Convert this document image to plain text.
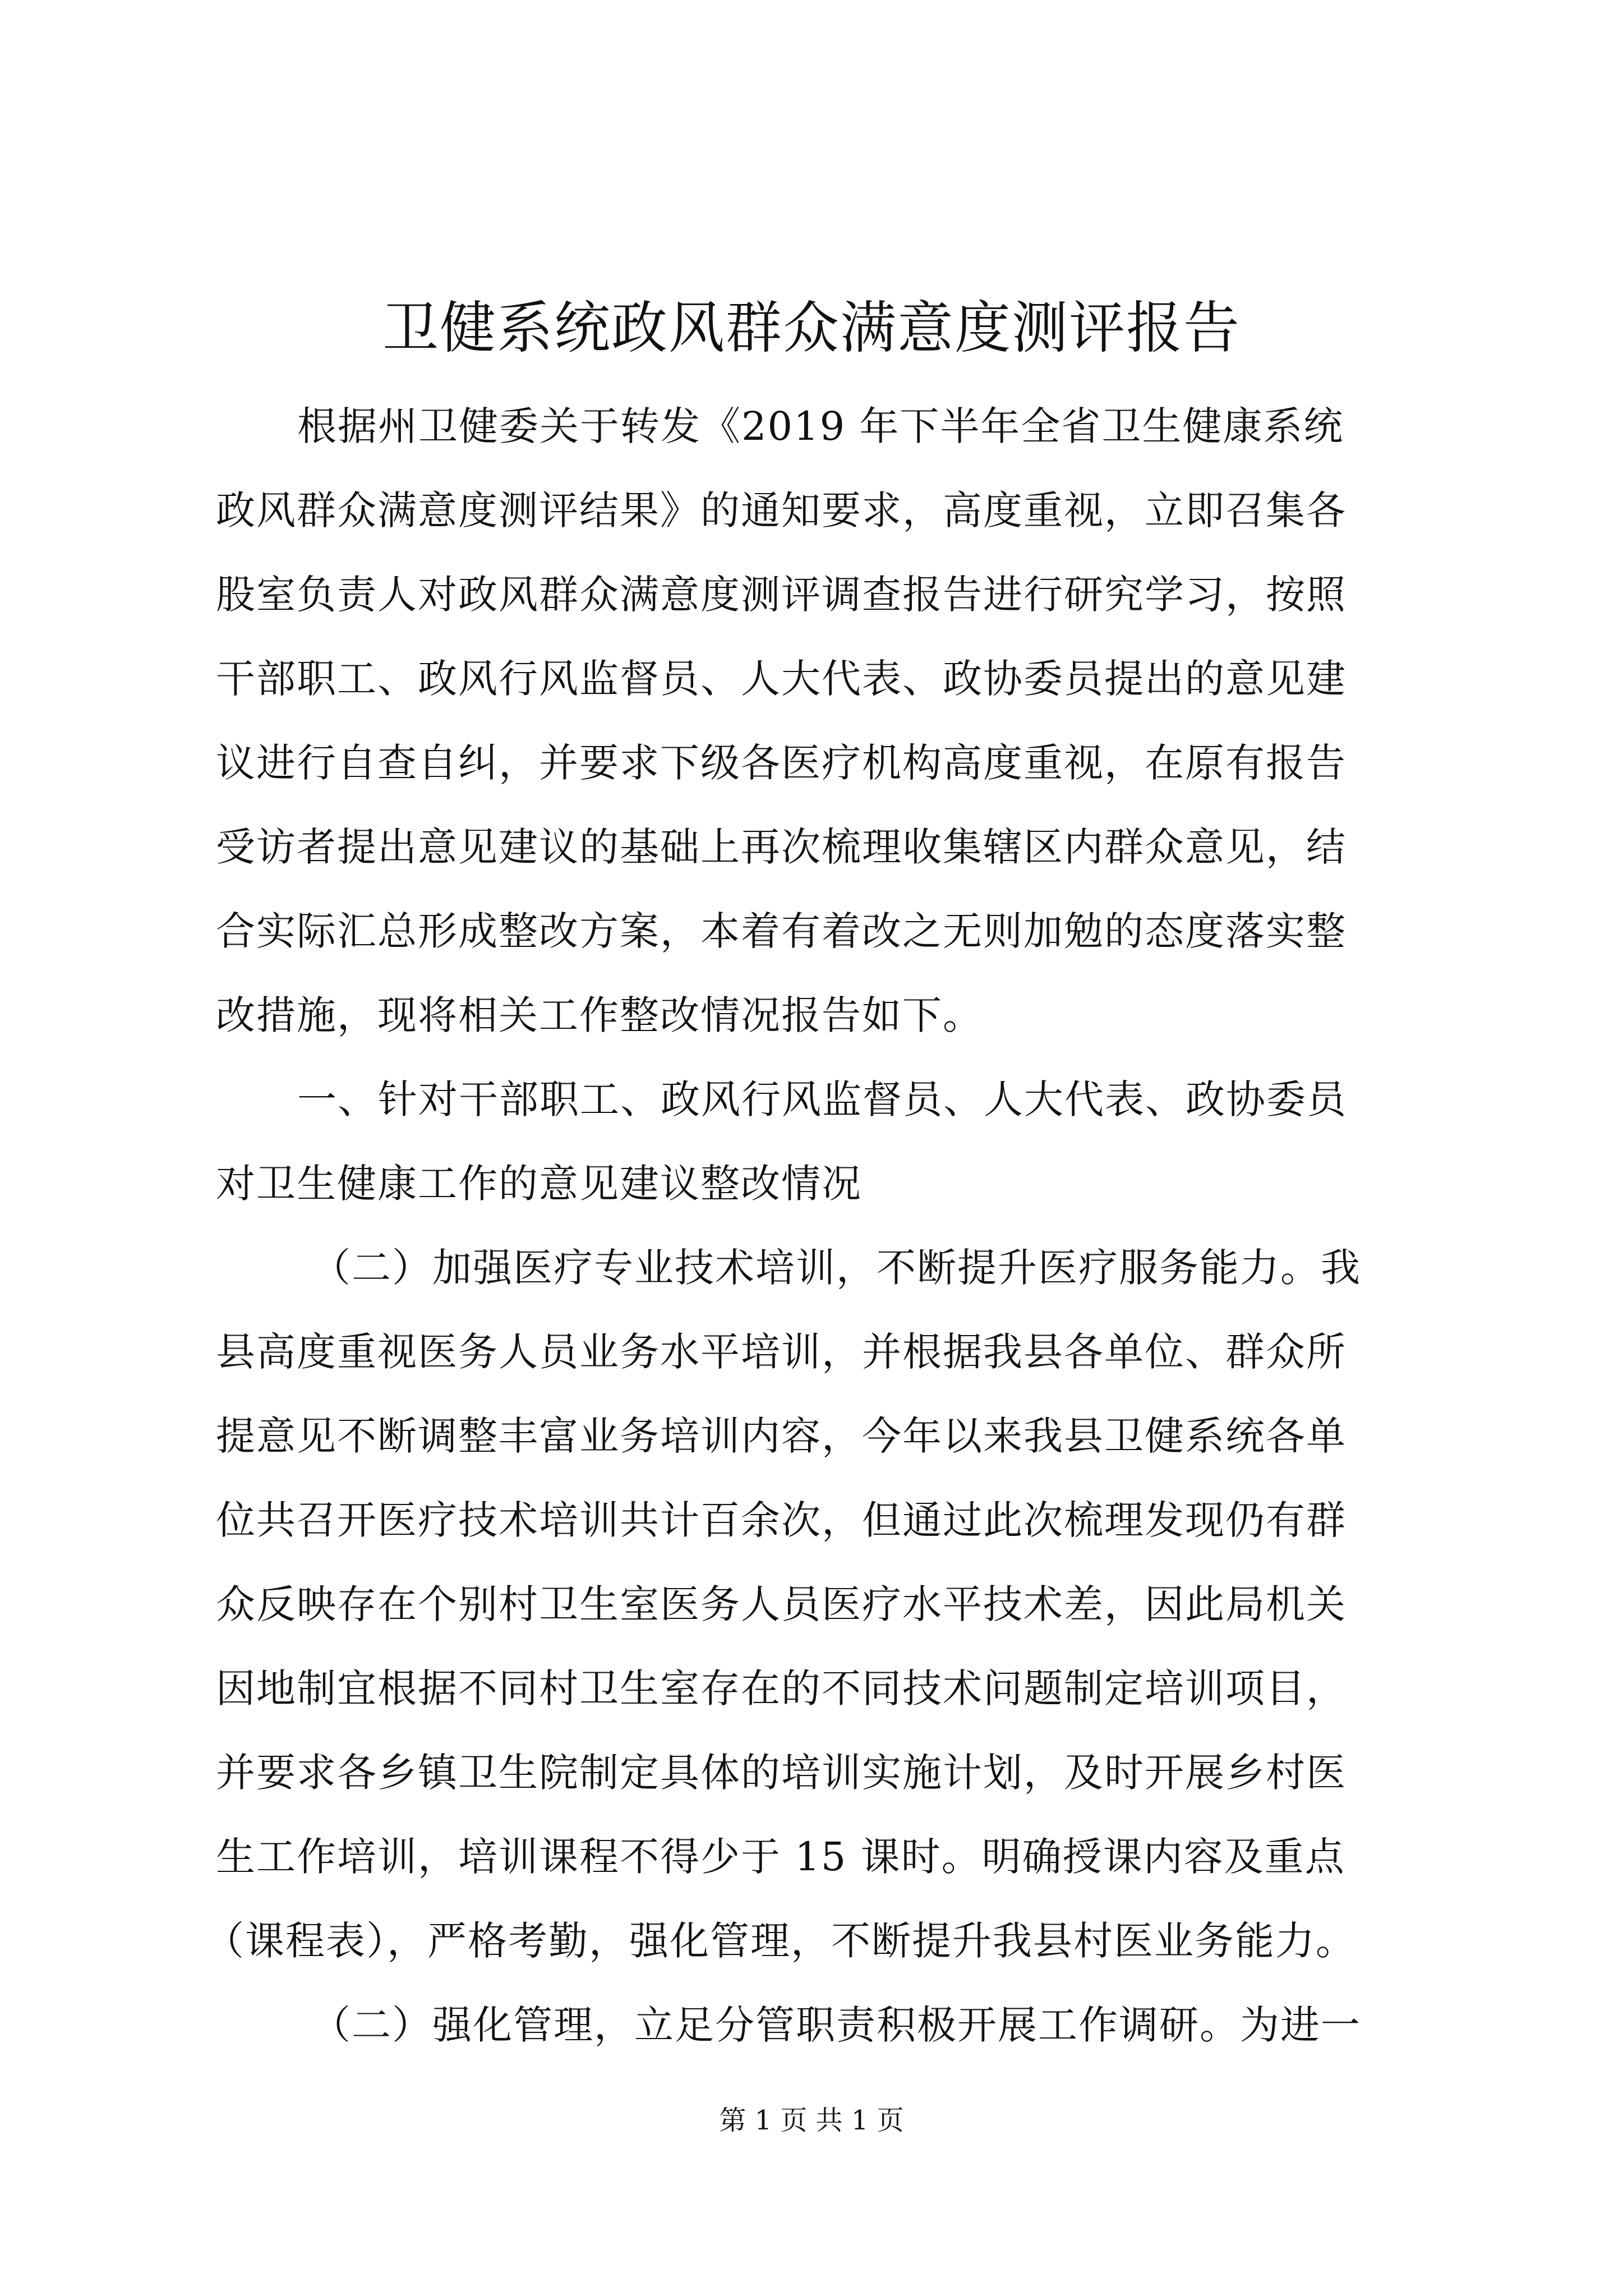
卫健系统政风群众满意度测评报告
根据州卫健委关于转发《2019 年下半年全省卫生健康系统
政风群众满意度测评结果》的通知要求，高度重视，立即召集各
股室负责人对政风群众满意度测评调查报告进行研究学习，按照
干部职工、政风行风监督员、人大代表、政协委员提出的意见建
议进行自查自纠，并要求下级各医疗机构高度重视，在原有报告
受访者提出意见建议的基础上再次梳理收集辖区内群众意见，结
合实际汇总形成整改方案，本着有着改之无则加勉的态度落实整
改措施，现将相关工作整改情况报告如下。
一、针对干部职工、政风行风监督员、人大代表、政协委员
对卫生健康工作的意见建议整改情况
（二）加强医疗专业技术培训，不断提升医疗服务能力。我
县高度重视医务人员业务水平培训，并根据我县各单位、群众所
提意见不断调整丰富业务培训内容，今年以来我县卫健系统各单
位共召开医疗技术培训共计百余次，但通过此次梳理发现仍有群
众反映存在个别村卫生室医务人员医疗水平技术差，因此局机关
因地制宜根据不同村卫生室存在的不同技术问题制定培训项目，
并要求各乡镇卫生院制定具体的培训实施计划，及时开展乡村医
生工作培训，培训课程不得少于 15 课时。明确授课内容及重点
（课程表），严格考勤，强化管理，不断提升我县村医业务能力。
（二）强化管理，立足分管职责积极开展工作调研。为进一
第 1 页 共 1 页
